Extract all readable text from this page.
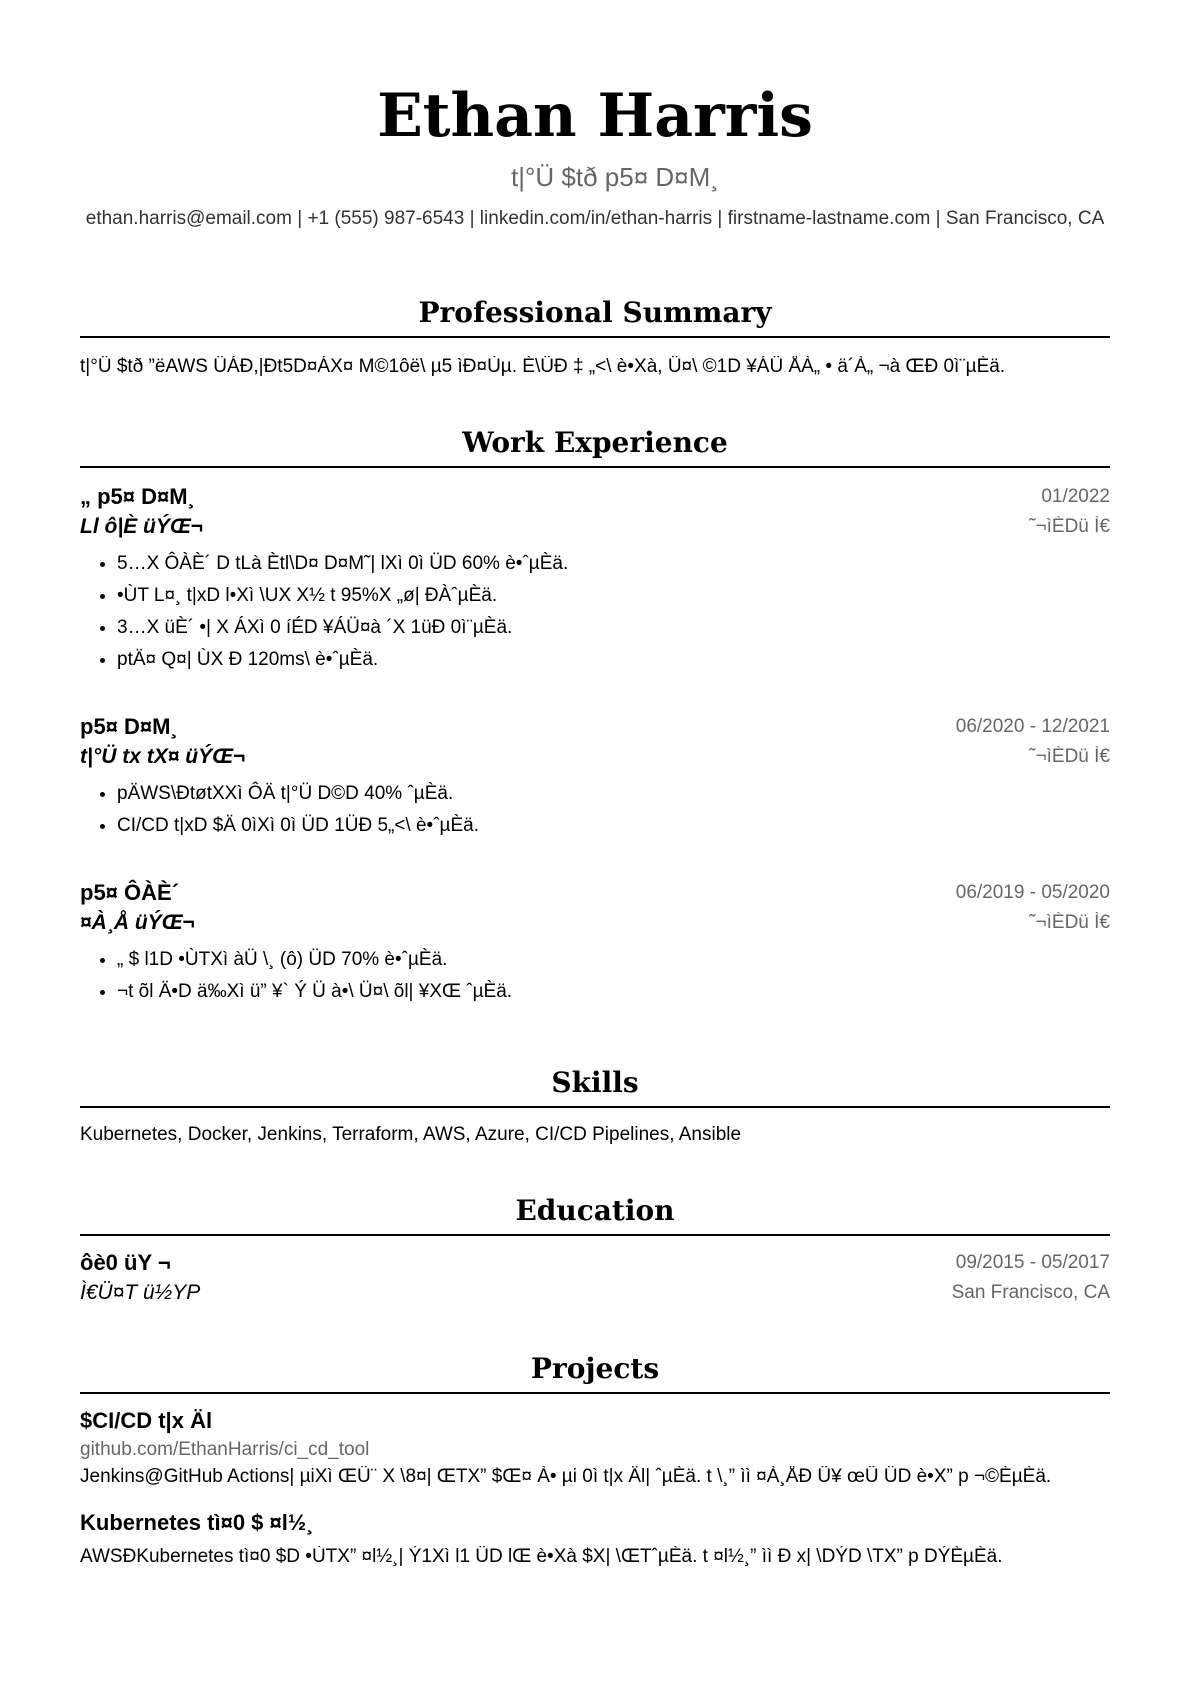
Ethan Harris
t|°Ü $tð p5¤ D¤M¸
ethan.harris@email.com | +1 (555) 987-6543 | linkedin.com/in/ethan-harris | firstname-lastname.com | San Francisco, CA
Professional Summary
t|°Ü $tð ”ëAWS ÜÁÐ,|Ðt5D¤ÁX¤ M©1ôë\ µ5 ìÐ¤Ùµ. È\ÜÐ ‡ „<\ è•Xà, Ü¤\ ©1D ¥ÁÜ ÅÀ„ • ä´À„ ¬à ŒÐ 0ì¨µÈä.
Work Experience
„ p5¤ D¤M¸	01/2022
Ll ô|È üÝŒ¬	˜¬ìÈDü Ì€
• 5…X ÔÀÈ´ D tLà Ètl\D¤ D¤M˜| lXì 0ì ÜD 60% è•ˆµÈä.
• •ÙT L¤¸ t|xD l•Xì \UX X½ t 95%X „ø| ÐÀˆµÈä.
• 3…X üÈ´ •| X ÁXì 0 íÉD ¥ÁÜ¤à ´X 1üÐ 0ì¨µÈä.
• ptÄ¤ Q¤| ÙX Ð 120ms\ è•ˆµÈä.
p5¤ D¤M¸	06/2020 - 12/2021
t|°Ü tx tX¤ üÝŒ¬	˜¬ìÈDü Ì€
• pÄWS\ÐtøtXXì ÔÄ t|°Ü D©D 40% ˆµÈä.
• CI/CD t|xD $Ä 0ìXì 0ì ÜD 1ÜÐ 5„<\ è•ˆµÈä.
p5¤ ÔÀÈ´	06/2019 - 05/2020
¤À¸Å üÝŒ¬	˜¬ìÈDü Ì€
• „ $ l1D •ÙTXì àÜ \¸ (ô) ÜD 70% è•ˆµÈä.
• ¬t õl Ä•D ä‰Xì ü” ¥` Ý Ü à•\ Ü¤\ õl| ¥XŒ ˆµÈä.
Skills
Kubernetes, Docker, Jenkins, Terraform, AWS, Azure, CI/CD Pipelines, Ansible
Education
ôè0 üY ¬	09/2015 - 05/2017
Ì€Ü¤T ü½YP	San Francisco, CA
Projects
$CI/CD t|x Äl
github.com/EthanHarris/ci_cd_tool
Jenkins@GitHub Actions| µiXì ŒÜ¨ X \8¤| ŒTX” $Œ¤ À• µi 0ì t|x Äl| ˆµÈä. t \¸” ìì ¤À¸ÅÐ Ü¥ œÜ ÜD è•X” p ¬©ÈµÈä.
Kubernetes tì¤0 $ ¤l½¸
AWSÐKubernetes tì¤0 $D •ÙTX” ¤l½¸| Ý1Xì l1 ÜD lŒ è•Xà $X| \ŒTˆµÈä. t ¤l½¸” ìì Ð x| \DÝD \TX” p DÝÈµÈä.
